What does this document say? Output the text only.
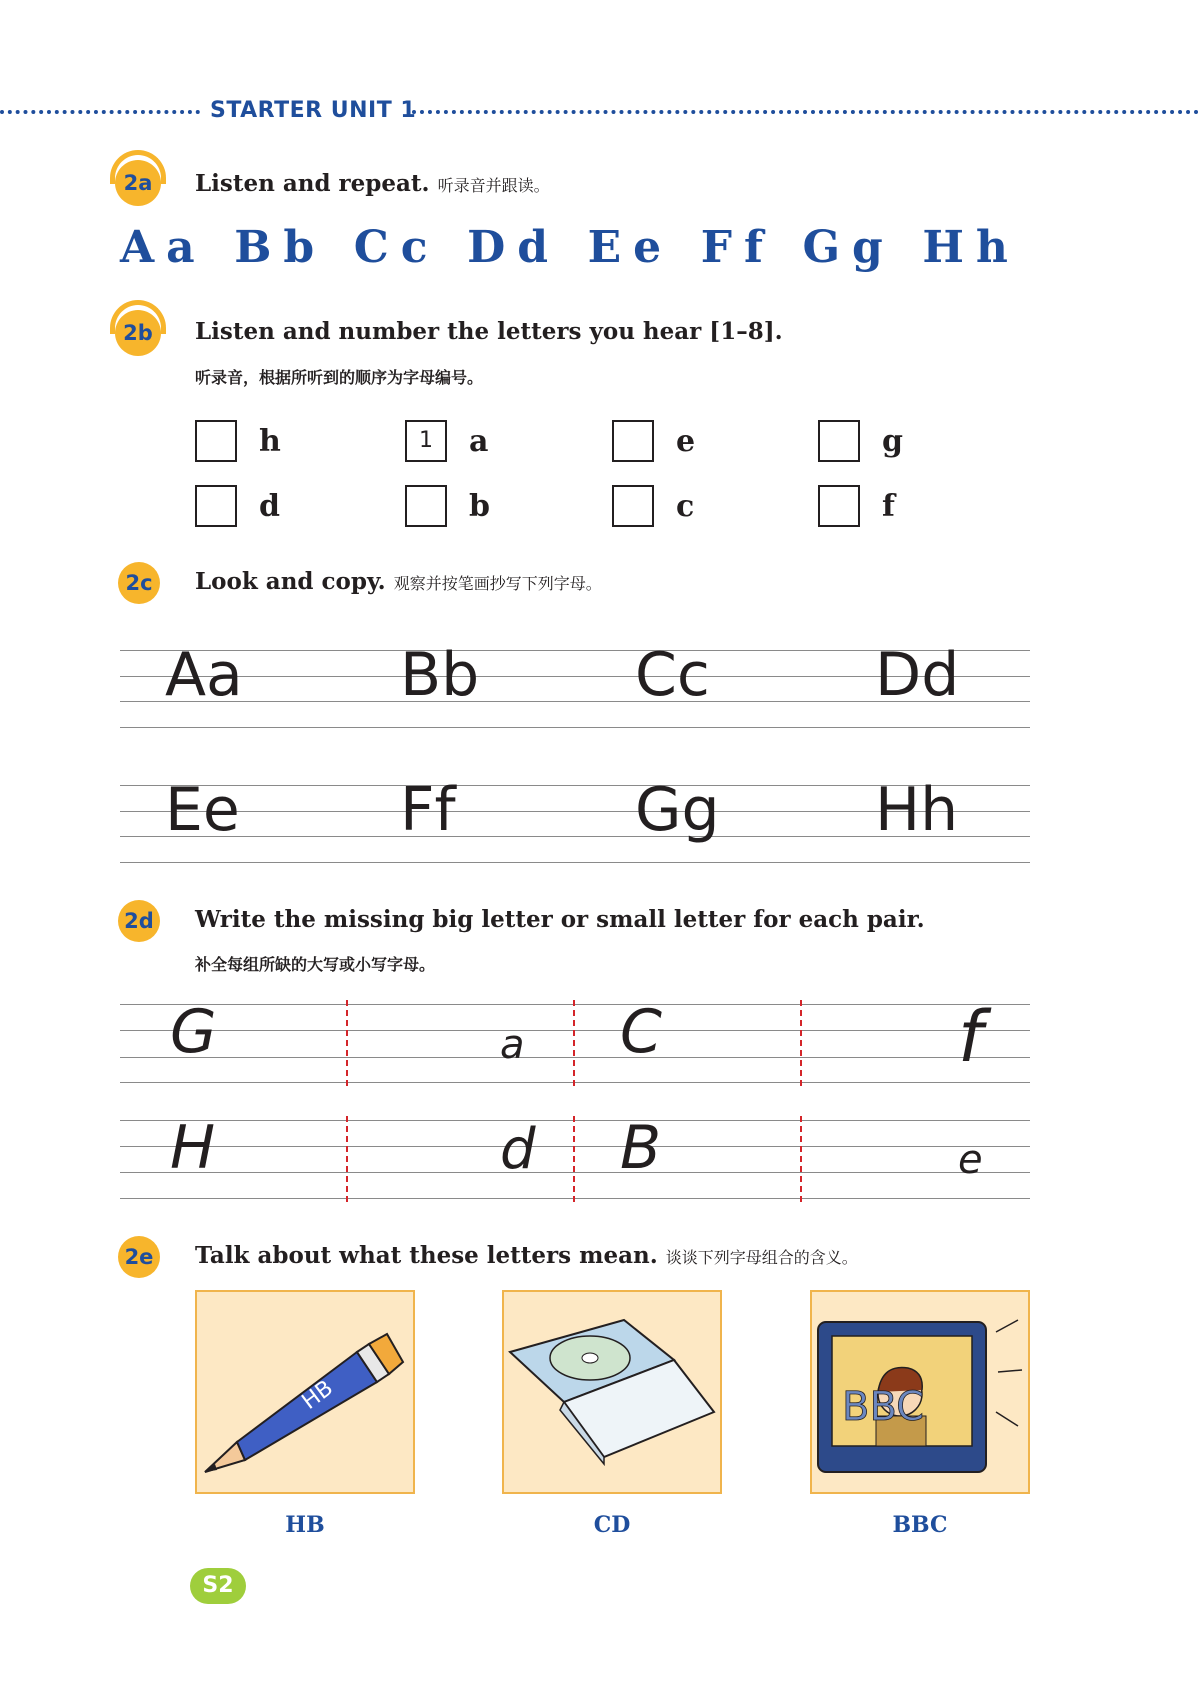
STARTER UNIT 1
2a	Listen and repeat. 听录音并跟读。
Aa Bb Cc Dd Ee Ff Gg Hh
2b	Listen and number the letters you hear [1–8].
听录音，根据所听到的顺序为字母编号。
h	1	a	e	g
d	b	c	f
2c	Look and copy. 观察并按笔画抄写下列字母。
Aa	Bb	Cc	Dd
Ee	Ff	Gg	Hh
2d Write the missing big letter or small letter for each pair.
补全每组所缺的大写或小写字母。
G	a C	f
H	d B	e
2e Talk about what these letters mean. 谈谈下列字母组合的含义。
HB
HB	CD
BBC
BBC
S2
